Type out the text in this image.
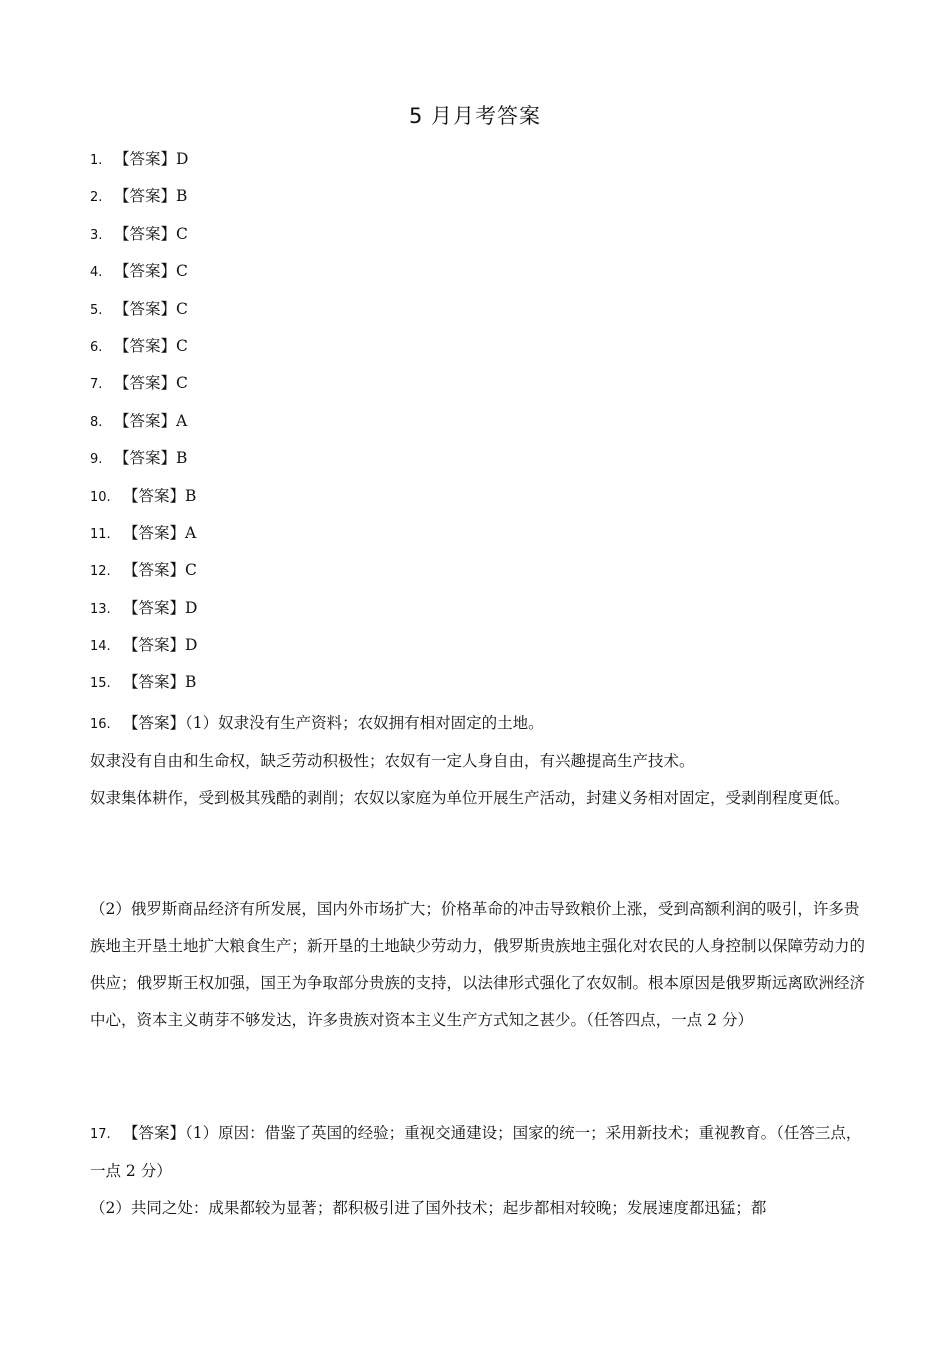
5 月月考答案
1. 【答案】D
2. 【答案】B
3. 【答案】C
4. 【答案】C
5. 【答案】C
6. 【答案】C
7. 【答案】C
8. 【答案】A
9. 【答案】B
10. 【答案】B
11. 【答案】A
12. 【答案】C
13. 【答案】D
14. 【答案】D
15. 【答案】B

16. 【答案】（1）奴隶没有生产资料；农奴拥有相对固定的土地。

奴隶没有自由和生命权，缺乏劳动积极性；农奴有一定人身自由，有兴趣提高生产技术。

奴隶集体耕作，受到极其残酷的剥削；农奴以家庭为单位开展生产活动，封建义务相对固定，受剥削程度更低。

（2）俄罗斯商品经济有所发展，国内外市场扩大；价格革命的冲击导致粮价上涨，受到高额利润的吸引，许多贵族地主开垦土地扩大粮食生产；新开垦的土地缺少劳动力，俄罗斯贵族地主强化对农民的人身控制以保障劳动力的供应；俄罗斯王权加强，国王为争取部分贵族的支持，以法律形式强化了农奴制。根本原因是俄罗斯远离欧洲经济中心，资本主义萌芽不够发达，许多贵族对资本主义生产方式知之甚少。（任答四点，一点 2 分）

17. 【答案】（1）原因：借鉴了英国的经验；重视交通建设；国家的统一；采用新技术；重视教育。（任答三点，一点 2 分）

（2）共同之处：成果都较为显著；都积极引进了国外技术；起步都相对较晚；发展速度都迅猛；都
